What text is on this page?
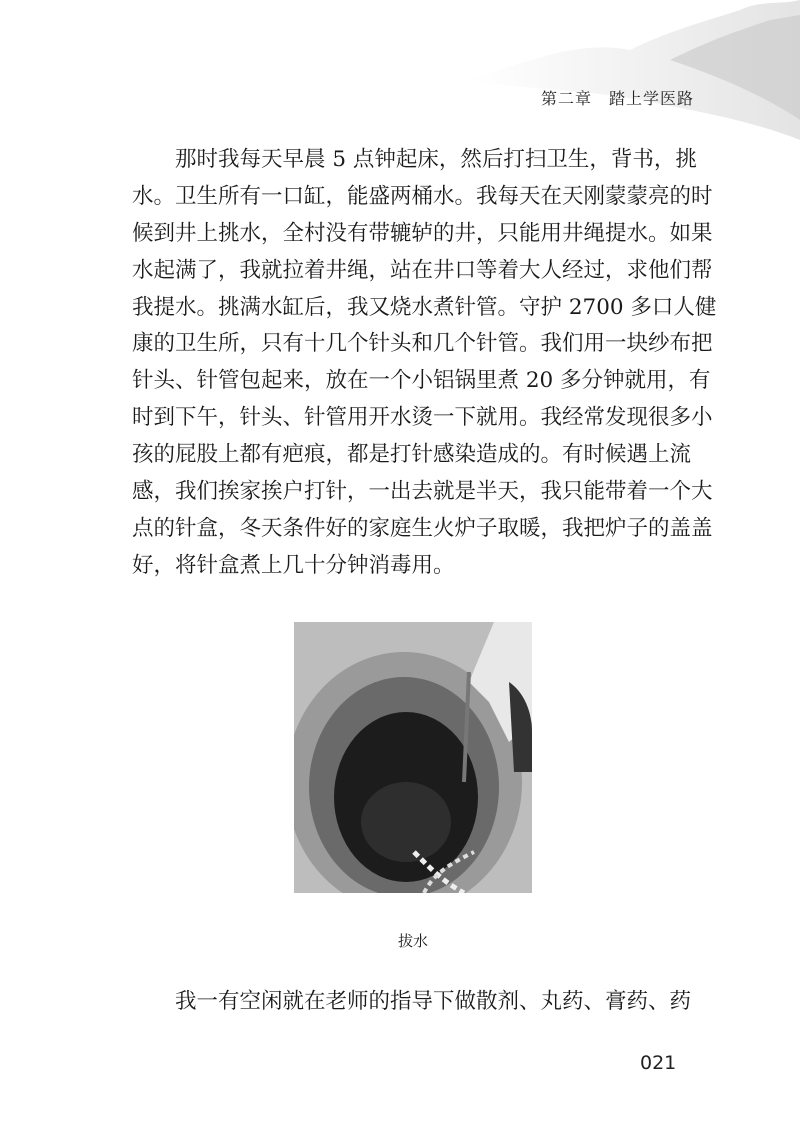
第二章　踏上学医路
那时我每天早晨 5 点钟起床，然后打扫卫生，背书，挑
水。卫生所有一口缸，能盛两桶水。我每天在天刚蒙蒙亮的时
候到井上挑水，全村没有带辘轳的井，只能用井绳提水。如果
水起满了，我就拉着井绳，站在井口等着大人经过，求他们帮
我提水。挑满水缸后，我又烧水煮针管。守护 2700 多口人健
康的卫生所，只有十几个针头和几个针管。我们用一块纱布把
针头、针管包起来，放在一个小铝锅里煮 20 多分钟就用，有
时到下午，针头、针管用开水烫一下就用。我经常发现很多小
孩的屁股上都有疤痕，都是打针感染造成的。有时候遇上流
感，我们挨家挨户打针，一出去就是半天，我只能带着一个大
点的针盒，冬天条件好的家庭生火炉子取暖，我把炉子的盖盖
好，将针盒煮上几十分钟消毒用。
拔水
我一有空闲就在老师的指导下做散剂、丸药、膏药、药
021
